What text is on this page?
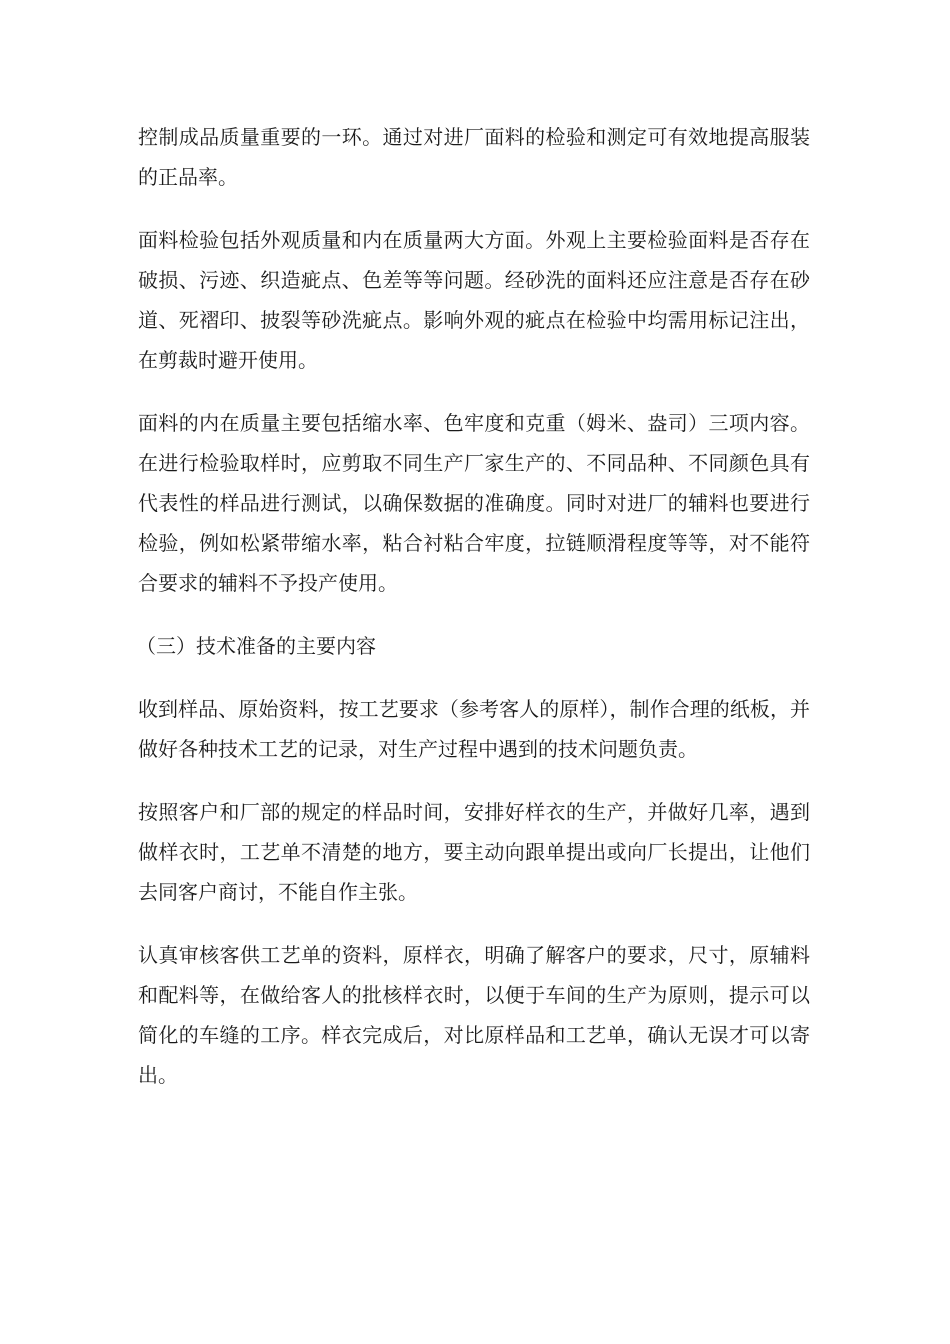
控制成品质量重要的一环。通过对进厂面料的检验和测定可有效地提高服装的正品率。

面料检验包括外观质量和内在质量两大方面。外观上主要检验面料是否存在破损、污迹、织造疵点、色差等等问题。经砂洗的面料还应注意是否存在砂道、死褶印、披裂等砂洗疵点。影响外观的疵点在检验中均需用标记注出，在剪裁时避开使用。

面料的内在质量主要包括缩水率、色牢度和克重（姆米、盎司）三项内容。在进行检验取样时，应剪取不同生产厂家生产的、不同品种、不同颜色具有代表性的样品进行测试，以确保数据的准确度。同时对进厂的辅料也要进行检验，例如松紧带缩水率，粘合衬粘合牢度，拉链顺滑程度等等，对不能符合要求的辅料不予投产使用。

（三）技术准备的主要内容

收到样品、原始资料，按工艺要求（参考客人的原样），制作合理的纸板，并做好各种技术工艺的记录，对生产过程中遇到的技术问题负责。

按照客户和厂部的规定的样品时间，安排好样衣的生产，并做好几率，遇到做样衣时，工艺单不清楚的地方，要主动向跟单提出或向厂长提出，让他们去同客户商讨，不能自作主张。

认真审核客供工艺单的资料，原样衣，明确了解客户的要求，尺寸，原辅料和配料等，在做给客人的批核样衣时，以便于车间的生产为原则，提示可以简化的车缝的工序。样衣完成后，对比原样品和工艺单，确认无误才可以寄出。
